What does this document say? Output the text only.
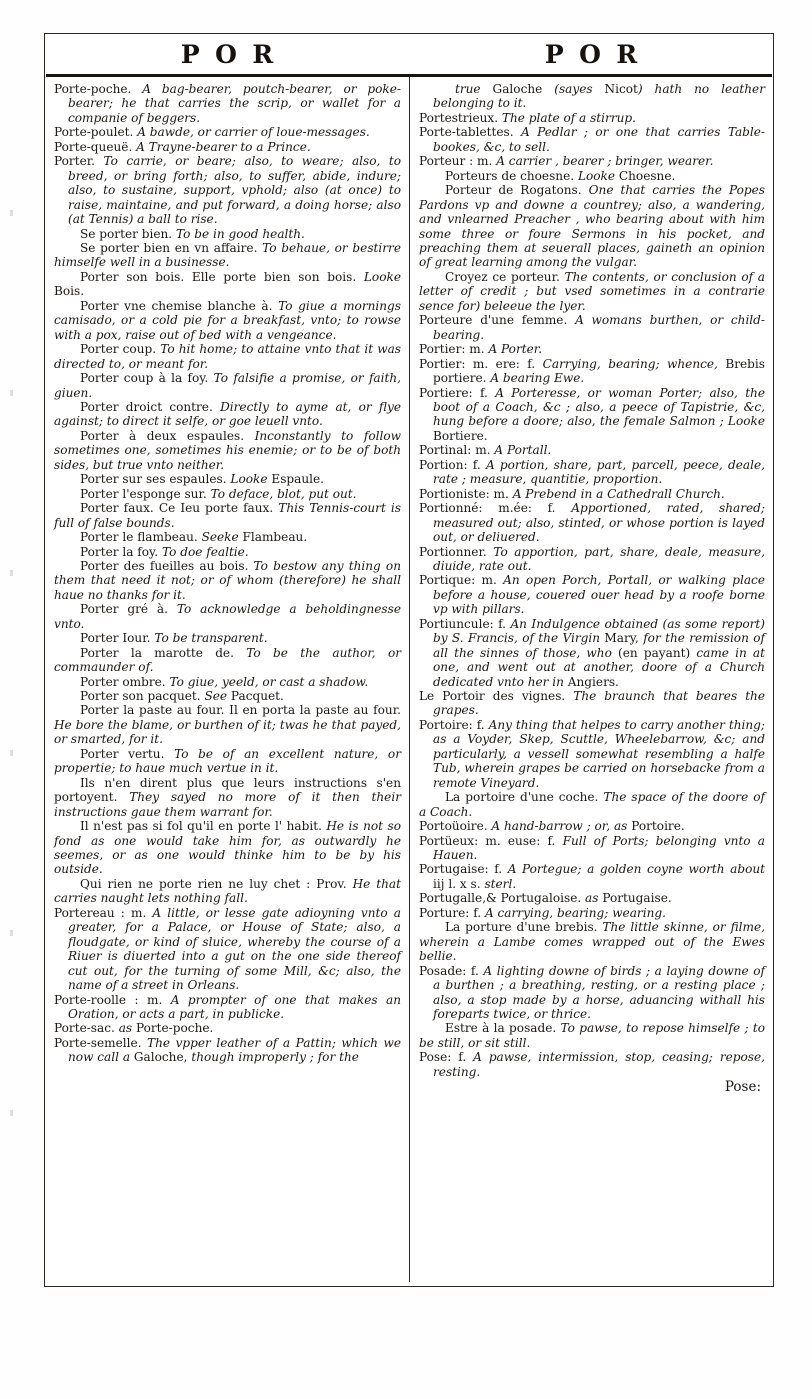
POR	POR

Porte-poche. A bag-bearer, poutch-bearer, or poke-bearer; he that carries the scrip, or wallet for a companie of beggers.

Porte-poulet. A bawde, or carrier of loue-messages.

Porte-queuë. A Trayne-bearer to a Prince.

Porter. To carrie, or beare; also, to weare; also, to breed, or bring forth; also, to suffer, abide, indure; also, to sustaine, support, vphold; also (at once) to raise, maintaine, and put forward, a doing horse; also (at Tennis) a ball to rise.

Se porter bien. To be in good health.

Se porter bien en vn affaire. To behaue, or bestirre himselfe well in a businesse.

Porter son bois. Elle porte bien son bois. Looke Bois.

Porter vne chemise blanche à. To giue a mornings camisado, or a cold pie for a breakfast, vnto; to rowse with a pox, raise out of bed with a vengeance.

Porter coup. To hit home; to attaine vnto that it was directed to, or meant for.

Porter coup à la foy. To falsifie a promise, or faith, giuen.

Porter droict contre. Directly to ayme at, or flye against; to direct it selfe, or goe leuell vnto.

Porter à deux espaules. Inconstantly to follow sometimes one, sometimes his enemie; or to be of both sides, but true vnto neither.

Porter sur ses espaules. Looke Espaule.

Porter l'esponge sur. To deface, blot, put out.

Porter faux. Ce Ieu porte faux. This Tennis-court is full of false bounds.

Porter le flambeau. Seeke Flambeau.

Porter la foy. To doe fealtie.

Porter des fueilles au bois. To bestow any thing on them that need it not; or of whom (therefore) he shall haue no thanks for it.

Porter gré à. To acknowledge a beholdingnesse vnto.

Porter Iour. To be transparent.

Porter la marotte de. To be the author, or commaunder of.

Porter ombre. To giue, yeeld, or cast a shadow.

Porter son pacquet. See Pacquet.

Porter la paste au four. Il en porta la paste au four. He bore the blame, or burthen of it; twas he that payed, or smarted, for it.

Porter vertu. To be of an excellent nature, or propertie; to haue much vertue in it.

Ils n'en dirent plus que leurs instructions s'en portoyent. They sayed no more of it then their instructions gaue them warrant for.

Il n'est pas si fol qu'il en porte l' habit. He is not so fond as one would take him for, as outwardly he seemes, or as one would thinke him to be by his outside.

Qui rien ne porte rien ne luy chet : Prov. He that carries naught lets nothing fall.

Portereau : m. A little, or lesse gate adioyning vnto a greater, for a Palace, or House of State; also, a floudgate, or kind of sluice, whereby the course of a Riuer is diuerted into a gut on the one side thereof cut out, for the turning of some Mill, &c; also, the name of a street in Orleans.

Porte-roolle : m. A prompter of one that makes an Oration, or acts a part, in publicke.

Porte-sac. as Porte-poche.

Porte-semelle. The vpper leather of a Pattin; which we now call a Galoche, though improperly ; for the

true Galoche (sayes Nicot) hath no leather belonging to it.

Portestrieux. The plate of a stirrup.

Porte-tablettes. A Pedlar ; or one that carries Table-bookes, &c, to sell.

Porteur : m. A carrier , bearer ; bringer, wearer.

Porteurs de choesne. Looke Choesne.

Porteur de Rogatons. One that carries the Popes Pardons vp and downe a countrey; also, a wandering, and vnlearned Preacher , who bearing about with him some three or foure Sermons in his pocket, and preaching them at seuerall places, gaineth an opinion of great learning among the vulgar.

Croyez ce porteur. The contents, or conclusion of a letter of credit ; but vsed sometimes in a contrarie sence for) beleeue the lyer.

Porteure d'une femme. A womans burthen, or child-bearing.

Portier: m. A Porter.

Portier: m. ere: f. Carrying, bearing; whence, Brebis portiere. A bearing Ewe.

Portiere: f. A Porteresse, or woman Porter; also, the boot of a Coach, &c ; also, a peece of Tapistrie, &c, hung before a doore; also, the female Salmon ; Looke Bortiere.

Portinal: m. A Portall.

Portion: f. A portion, share, part, parcell, peece, deale, rate ; measure, quantitie, proportion.

Portioniste: m. A Prebend in a Cathedrall Church.

Portionné: m.ée: f. Apportioned, rated, shared; measured out; also, stinted, or whose portion is layed out, or deliuered.

Portionner. To apportion, part, share, deale, measure, diuide, rate out.

Portique: m. An open Porch, Portall, or walking place before a house, couered ouer head by a roofe borne vp with pillars.

Portiuncule: f. An Indulgence obtained (as some report) by S. Francis, of the Virgin Mary, for the remission of all the sinnes of those, who (en payant) came in at one, and went out at another, doore of a Church dedicated vnto her in Angiers.

Le Portoir des vignes. The braunch that beares the grapes.

Portoire: f. Any thing that helpes to carry another thing; as a Voyder, Skep, Scuttle, Wheelebarrow, &c; and particularly, a vessell somewhat resembling a halfe Tub, wherein grapes be carried on horsebacke from a remote Vineyard.

La portoire d'une coche. The space of the doore of a Coach.

Portoüoire. A hand-barrow ; or, as Portoire.

Portüeux: m. euse: f. Full of Ports; belonging vnto a Hauen.

Portugaise: f. A Portegue; a golden coyne worth about iij l. x s. sterl.

Portugalle,& Portugaloise. as Portugaise.

Porture: f. A carrying, bearing; wearing.

La porture d'une brebis. The little skinne, or filme, wherein a Lambe comes wrapped out of the Ewes bellie.

Posade: f. A lighting downe of birds ; a laying downe of a burthen ; a breathing, resting, or a resting place ; also, a stop made by a horse, aduancing withall his foreparts twice, or thrice.

Estre à la posade. To pawse, to repose himselfe ; to be still, or sit still.

Pose: f. A pawse, intermission, stop, ceasing; repose, resting.

Pose:
